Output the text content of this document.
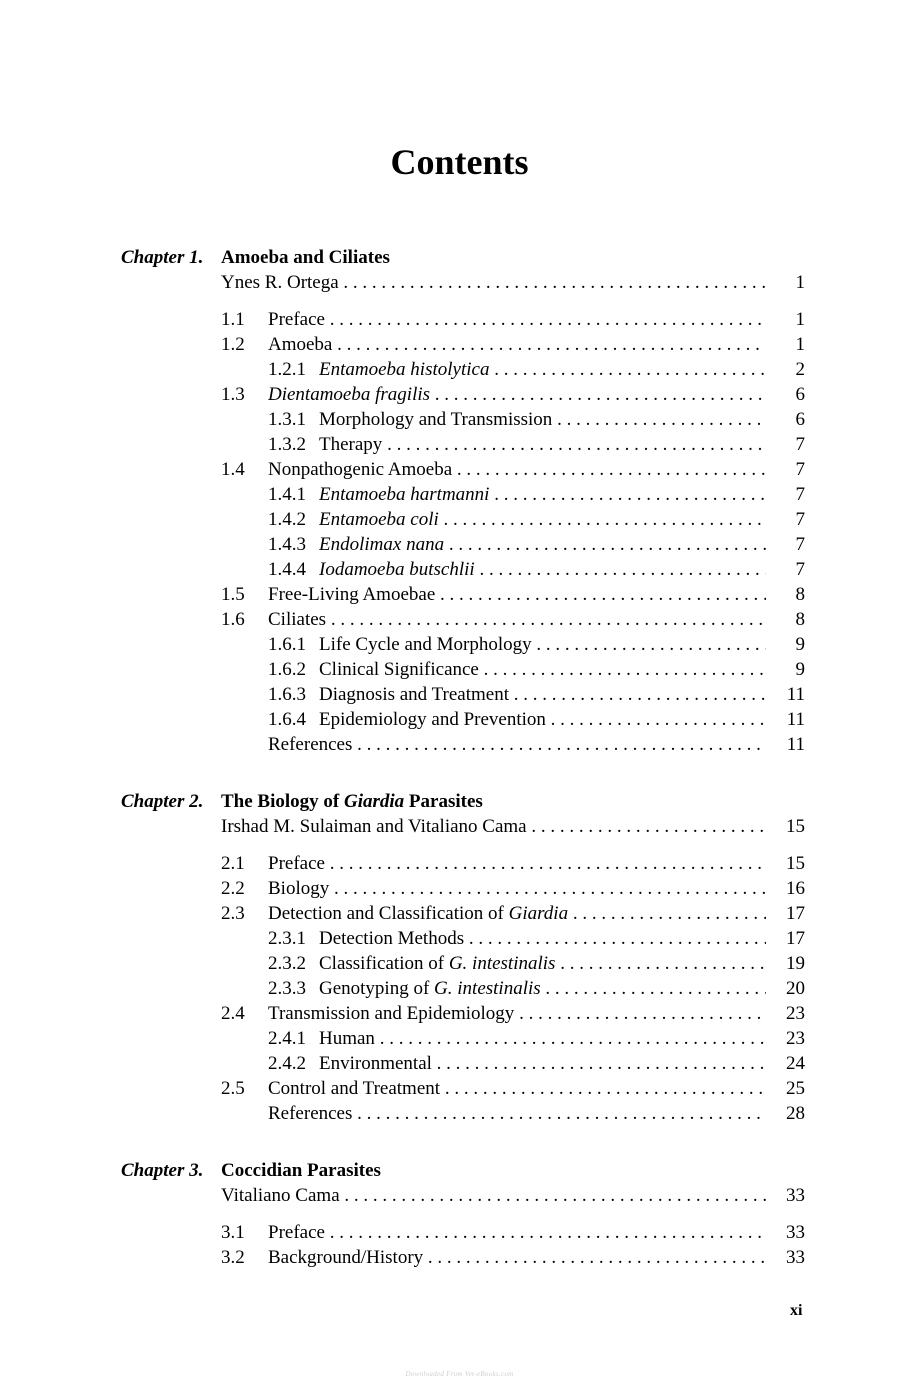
Contents
Chapter 1. Amoeba and Ciliates
Ynes R. Ortega . . .	1
1.1 Preface . . .	1
1.2 Amoeba . . .	1
1.2.1 Entamoeba histolytica . . .	2
1.3 Dientamoeba fragilis . . .	6
1.3.1 Morphology and Transmission . . .	6
1.3.2 Therapy . . .	7
1.4 Nonpathogenic Amoeba . . .	7
1.4.1 Entamoeba hartmanni . . .	7
1.4.2 Entamoeba coli . . .	7
1.4.3 Endolimax nana . . .	7
1.4.4 Iodamoeba butschlii . . .	7
1.5 Free-Living Amoebae . . .	8
1.6 Ciliates . . .	8
1.6.1 Life Cycle and Morphology . . .	9
1.6.2 Clinical Significance . . .	9
1.6.3 Diagnosis and Treatment . . .	11
1.6.4 Epidemiology and Prevention . . .	11
References . . .	11
Chapter 2. The Biology of Giardia Parasites
Irshad M. Sulaiman and Vitaliano Cama . . .	15
2.1 Preface . . .	15
2.2 Biology . . .	16
2.3 Detection and Classification of Giardia . . .	17
2.3.1 Detection Methods . . .	17
2.3.2 Classification of G. intestinalis . . .	19
2.3.3 Genotyping of G. intestinalis . . .	20
2.4 Transmission and Epidemiology . . .	23
2.4.1 Human . . .	23
2.4.2 Environmental . . .	24
2.5 Control and Treatment . . .	25
References . . .	28
Chapter 3. Coccidian Parasites
Vitaliano Cama . . .	33
3.1 Preface . . .	33
3.2 Background/History . . .	33
xi
Downloaded From Vet-eBooks.com
